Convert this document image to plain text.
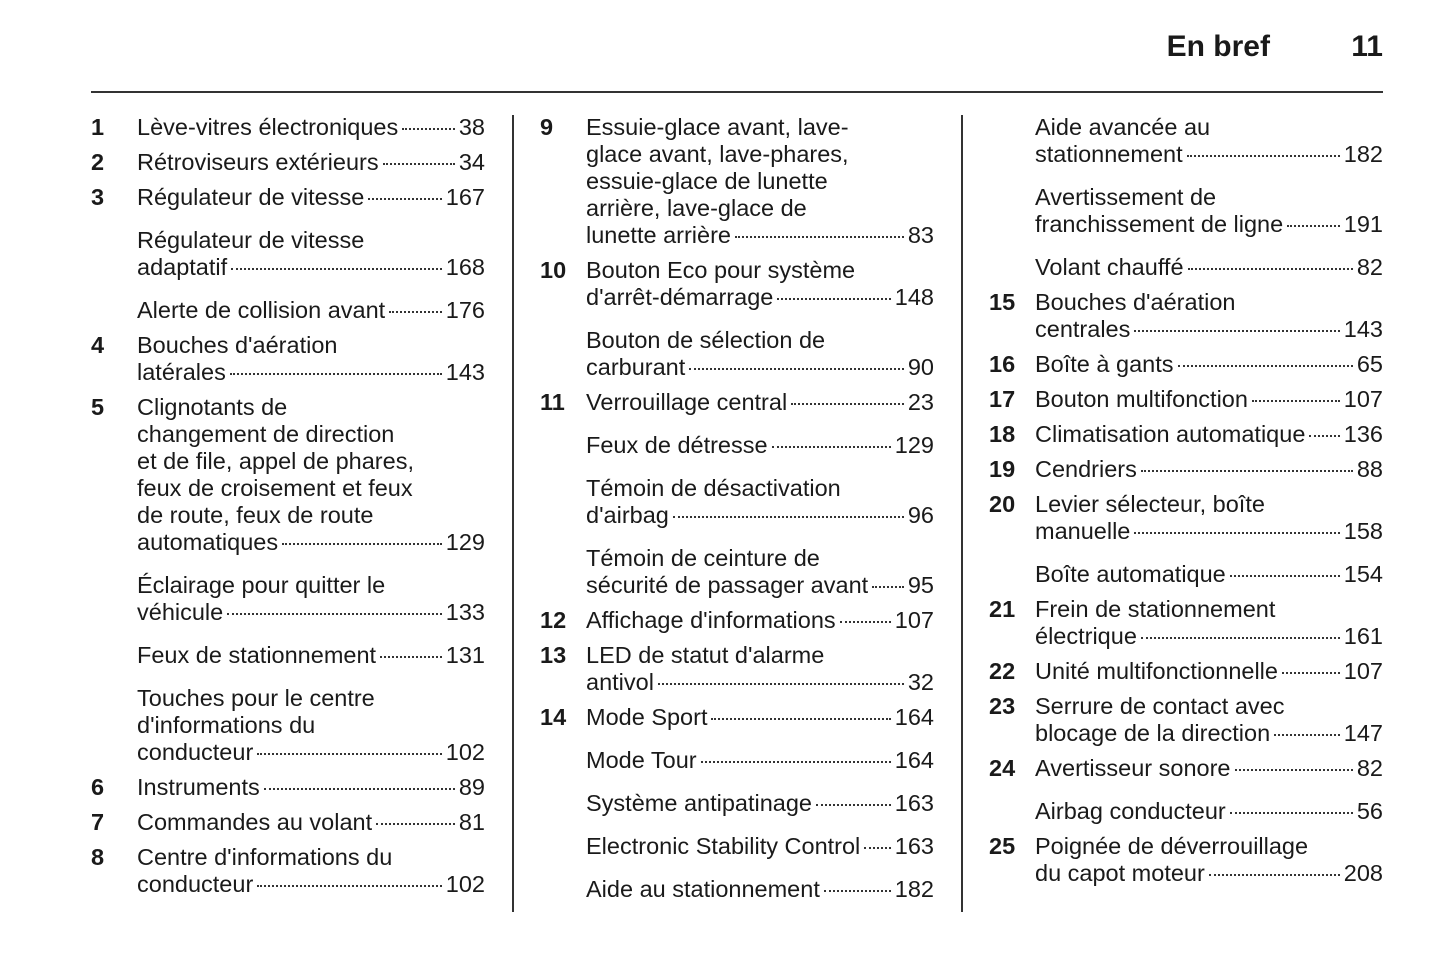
En bref	11
1 Lève-vitres électroniques	38
2 Rétroviseurs extérieurs	34
3 Régulateur de vitesse	167
Régulateur de vitesse
adaptatif	168
Alerte de collision avant	176
4 Bouches d'aération
latérales	143
5 Clignotants de
changement de direction
et de file, appel de phares,
feux de croisement et feux
de route, feux de route
automatiques	129
Éclairage pour quitter le
véhicule	133
Feux de stationnement	131
Touches pour le centre
d'informations du
conducteur	102
6 Instruments	89
7 Commandes au volant	81
8 Centre d'informations du
conducteur	102
9 Essuie-glace avant, lave-
glace avant, lave-phares,
essuie-glace de lunette
arrière, lave-glace de
lunette arrière	83
10 Bouton Eco pour système
d'arrêt-démarrage	148
Bouton de sélection de
carburant	90
11 Verrouillage central	23
Feux de détresse	129
Témoin de désactivation
d'airbag	96
Témoin de ceinture de
sécurité de passager avant 95
12 Affichage d'informations	107
13 LED de statut d'alarme
antivol	32
14 Mode Sport	164
Mode Tour	164
Système antipatinage	163
Electronic Stability Control 163
Aide au stationnement	182
Aide avancée au
stationnement	182
Avertissement de
franchissement de ligne	191
Volant chauffé	82
15 Bouches d'aération
centrales	143
16 Boîte à gants	65
17 Bouton multifonction	107
18 Climatisation automatique 136
19 Cendriers	88
20 Levier sélecteur, boîte
manuelle	158
Boîte automatique	154
21 Frein de stationnement
électrique	161
22 Unité multifonctionnelle	107
23 Serrure de contact avec
blocage de la direction	147
24 Avertisseur sonore	82
Airbag conducteur	56
25 Poignée de déverrouillage
du capot moteur	208
